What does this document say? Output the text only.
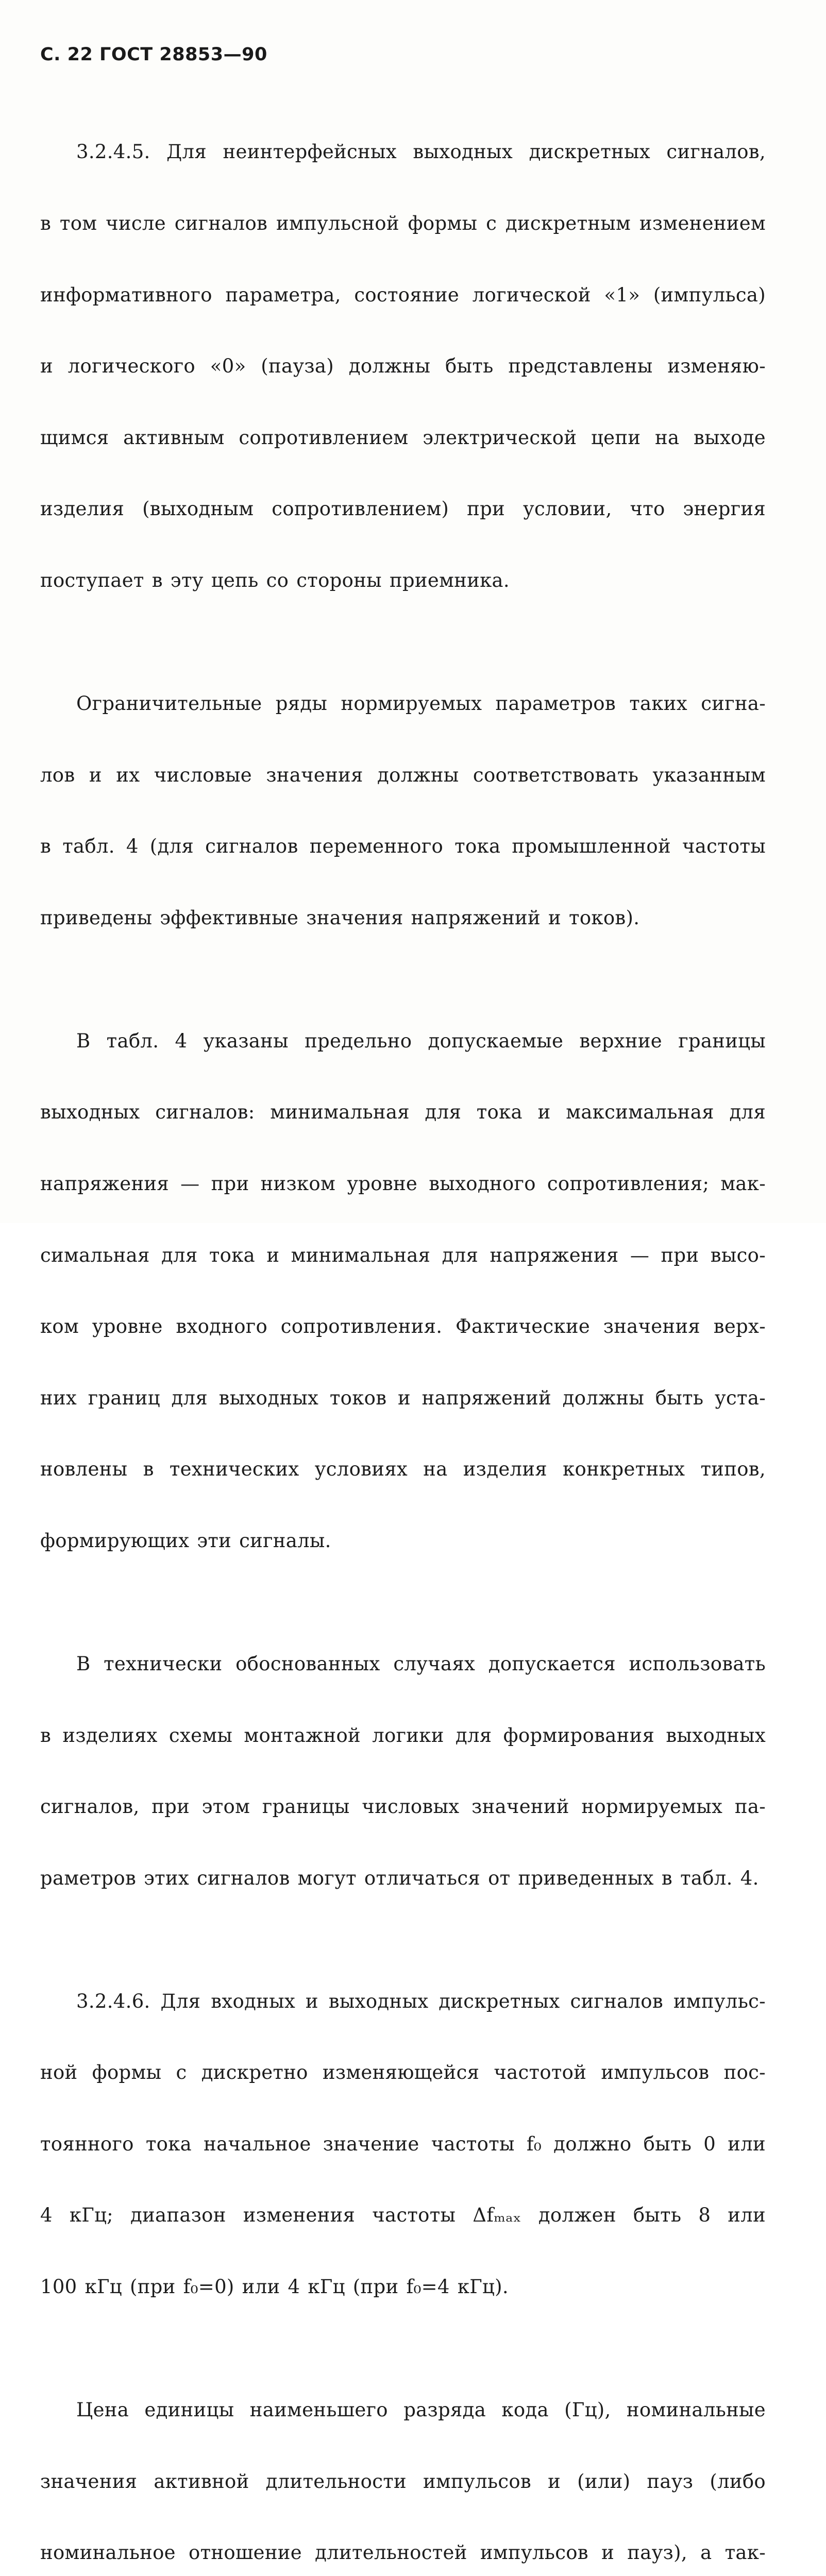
С. 22 ГОСТ 28853—90

3.2.4.5. Для неинтерфейсных выходных дискретных сигналов,

в том числе сигналов импульсной формы с дискретным изменением

информативного параметра, состояние логической «1» (импульса)

и логического «0» (пауза) должны быть представлены изменяю-

щимся активным сопротивлением электрической цепи на выходе

изделия (выходным сопротивлением) при условии, что энергия

поступает в эту цепь со стороны приемника.

Ограничительные ряды нормируемых параметров таких сигна-

лов и их числовые значения должны соответствовать указанным

в табл. 4 (для сигналов переменного тока промышленной частоты

приведены эффективные значения напряжений и токов).

В табл. 4 указаны предельно допускаемые верхние границы

выходных сигналов: минимальная для тока и максимальная для

напряжения — при низком уровне выходного сопротивления; мак-

симальная для тока и минимальная для напряжения — при высо-

ком уровне входного сопротивления. Фактические значения верх-

них границ для выходных токов и напряжений должны быть уста-

новлены в технических условиях на изделия конкретных типов,

формирующих эти сигналы.

В технически обоснованных случаях допускается использовать

в изделиях схемы монтажной логики для формирования выходных

сигналов, при этом границы числовых значений нормируемых па-

раметров этих сигналов могут отличаться от приведенных в табл. 4.

3.2.4.6. Для входных и выходных дискретных сигналов импульс-

ной формы с дискретно изменяющейся частотой импульсов пос-

тоянного тока начальное значение частоты f₀ должно быть 0 или

4 кГц; диапазон изменения частоты Δfₘₐₓ должен быть 8 или

100 кГц (при f₀=0) или 4 кГц (при f₀=4 кГц).

Цена единицы наименьшего разряда кода (Гц), номинальные

значения активной длительности импульсов и (или) пауз (либо

номинальное отношение длительностей импульсов и пауз), а так-
